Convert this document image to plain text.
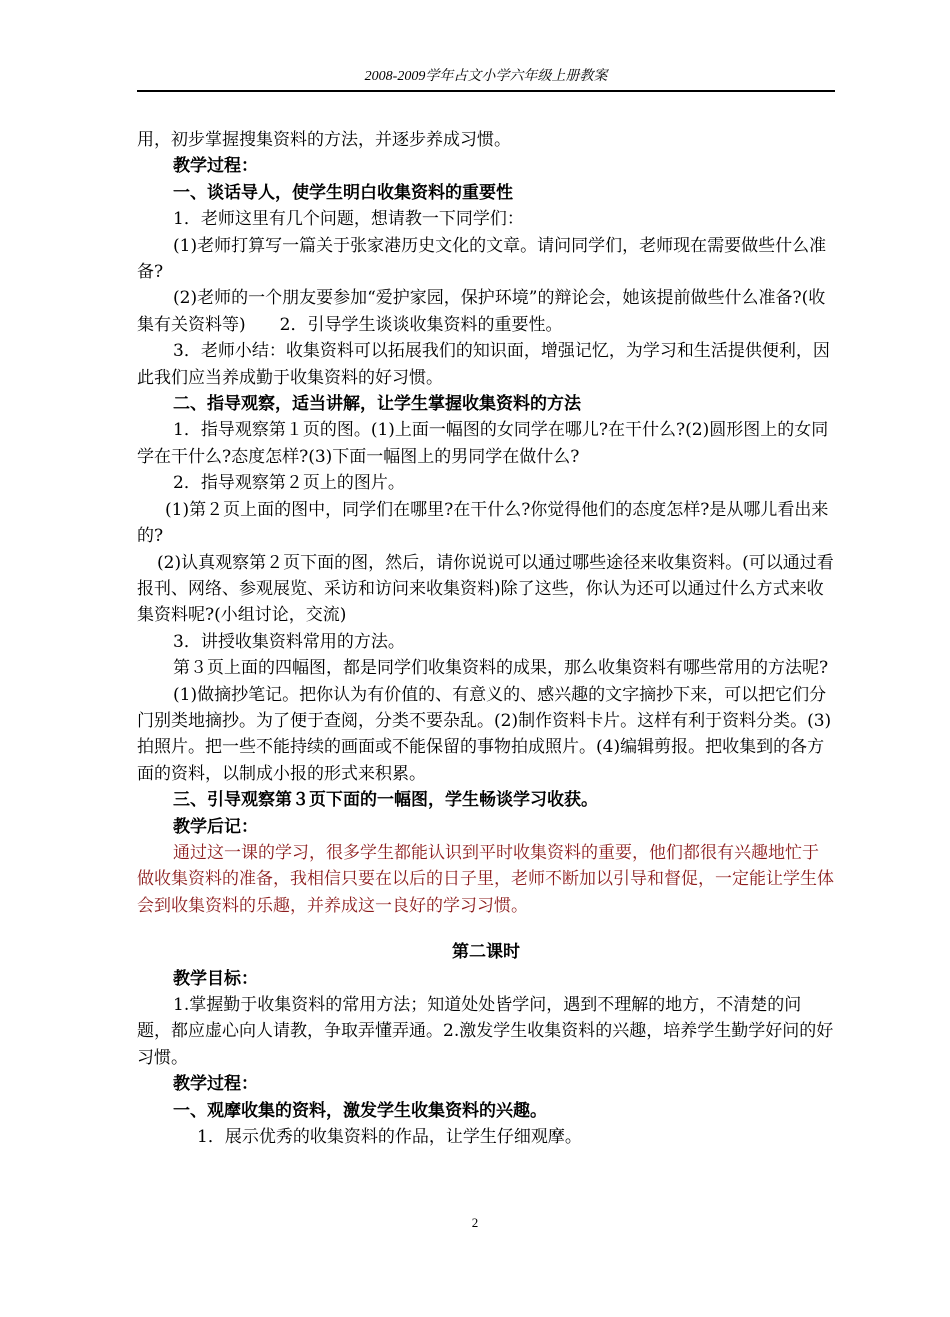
2008-2009学年占文小学六年级上册教案

用，初步掌握搜集资料的方法，并逐步养成习惯。

教学过程：

一、谈话导人，使学生明白收集资料的重要性

1．老师这里有几个问题，想请教一下同学们：

(1)老师打算写一篇关于张家港历史文化的文章。请问同学们，老师现在需要做些什么准备?

(2)老师的一个朋友要参加“爱护家园，保护环境”的辩论会，她该提前做些什么准备?(收集有关资料等)　　2．引导学生谈谈收集资料的重要性。

3．老师小结：收集资料可以拓展我们的知识面，增强记忆，为学习和生活提供便利，因此我们应当养成勤于收集资料的好习惯。

二、指导观察，适当讲解，让学生掌握收集资料的方法

1．指导观察第１页的图。(1)上面一幅图的女同学在哪儿?在干什么?(2)圆形图上的女同学在干什么?态度怎样?(3)下面一幅图上的男同学在做什么?

2．指导观察第２页上的图片。

(1)第２页上面的图中，同学们在哪里?在干什么?你觉得他们的态度怎样?是从哪儿看出来的?

(2)认真观察第２页下面的图，然后，请你说说可以通过哪些途径来收集资料。(可以通过看报刊、网络、参观展览、采访和访问来收集资料)除了这些，你认为还可以通过什么方式来收集资料呢?(小组讨论，交流)

3．讲授收集资料常用的方法。

第３页上面的四幅图，都是同学们收集资料的成果，那么收集资料有哪些常用的方法呢?

(1)做摘抄笔记。把你认为有价值的、有意义的、感兴趣的文字摘抄下来，可以把它们分门别类地摘抄。为了便于查阅，分类不要杂乱。(2)制作资料卡片。这样有利于资料分类。(3)拍照片。把一些不能持续的画面或不能保留的事物拍成照片。(4)编辑剪报。把收集到的各方面的资料，以制成小报的形式来积累。

三、引导观察第３页下面的一幅图，学生畅谈学习收获。

教学后记：

通过这一课的学习，很多学生都能认识到平时收集资料的重要，他们都很有兴趣地忙于做收集资料的准备，我相信只要在以后的日子里，老师不断加以引导和督促，一定能让学生体会到收集资料的乐趣，并养成这一良好的学习习惯。

第二课时

教学目标：

1.掌握勤于收集资料的常用方法；知道处处皆学问，遇到不理解的地方，不清楚的问题，都应虚心向人请教，争取弄懂弄通。2.激发学生收集资料的兴趣，培养学生勤学好问的好习惯。

教学过程：

一、观摩收集的资料，激发学生收集资料的兴趣。

1．展示优秀的收集资料的作品，让学生仔细观摩。

2
